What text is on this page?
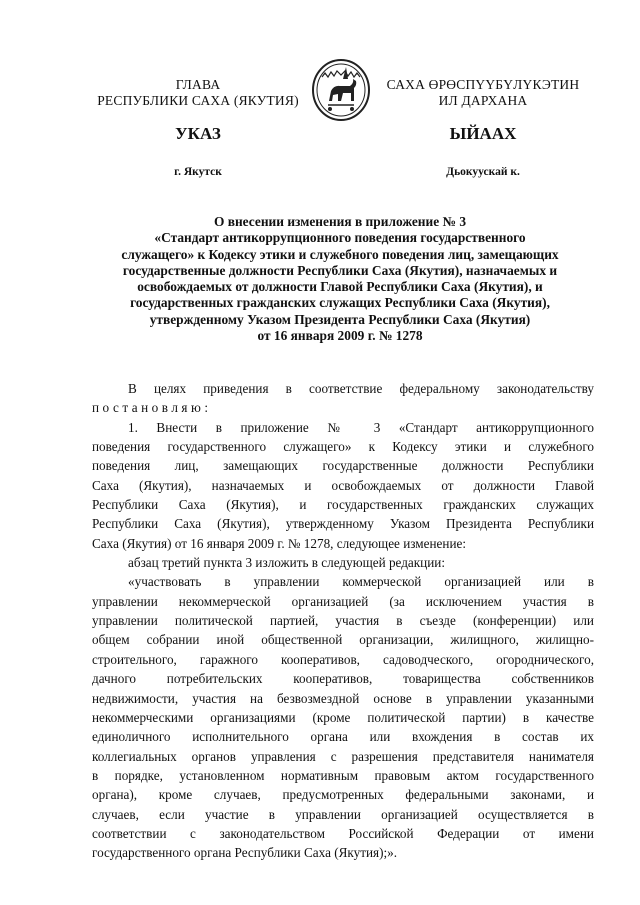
ГЛАВА
РЕСПУБЛИКИ САХА (ЯКУТИЯ)
САХА ӨРӨСПҮҮБҮЛҮКЭТИН
ИЛ ДАРХАНА
УКАЗ	ЫЙААХ
г. Якутск	Дьокуускай к.
О внесении изменения в приложение № 3
«Стандарт антикоррупционного поведения государственного
служащего» к Кодексу этики и служебного поведения лиц, замещающих
государственные должности Республики Саха (Якутия), назначаемых и
освобождаемых от должности Главой Республики Саха (Якутия), и
государственных гражданских служащих Республики Саха (Якутия),
утвержденному Указом Президента Республики Саха (Якутия)
от 16 января 2009 г. № 1278
В целях приведения в соответствие федеральному законодательству
постановляю:
1. Внести в приложение № 3 «Стандарт антикоррупционного
поведения государственного служащего» к Кодексу этики и служебного
поведения лиц, замещающих государственные должности Республики
Саха (Якутия), назначаемых и освобождаемых от должности Главой
Республики Саха (Якутия), и государственных гражданских служащих
Республики Саха (Якутия), утвержденному Указом Президента Республики
Саха (Якутия) от 16 января 2009 г. № 1278, следующее изменение:
абзац третий пункта 3 изложить в следующей редакции:
«участвовать в управлении коммерческой организацией или в
управлении некоммерческой организацией (за исключением участия в
управлении политической партией, участия в съезде (конференции) или
общем собрании иной общественной организации, жилищного, жилищно-
строительного, гаражного кооперативов, садоводческого, огороднического,
дачного потребительских кооперативов, товарищества собственников
недвижимости, участия на безвозмездной основе в управлении указанными
некоммерческими организациями (кроме политической партии) в качестве
единоличного исполнительного органа или вхождения в состав их
коллегиальных органов управления с разрешения представителя нанимателя
в порядке, установленном нормативным правовым актом государственного
органа), кроме случаев, предусмотренных федеральными законами, и
случаев, если участие в управлении организацией осуществляется в
соответствии с законодательством Российской Федерации от имени
государственного органа Республики Саха (Якутия);».
